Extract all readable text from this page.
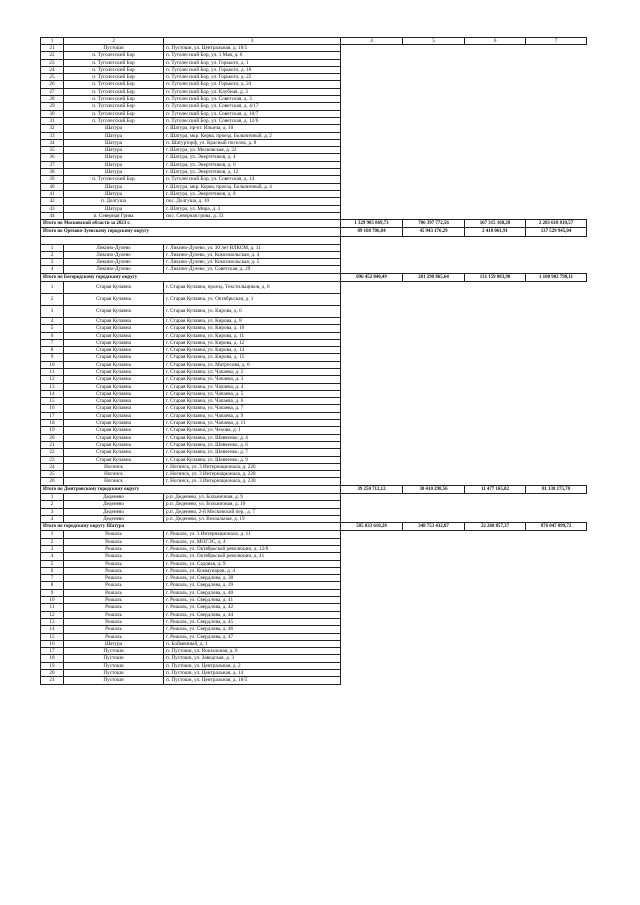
1	2	3	4	5	6	7
21	Пустоши	п. Пустоши, ул. Центральная, д. 18/5				
22	п. Туголесский Бор	п. Туголесский Бор, ул. 1 Мая, д. 6				
23	п. Туголесский Бор	п. Туголесский Бор, ул. Горького, д. 1				
24	п. Туголесский Бор	п. Туголесский Бор, ул. Горького, д. 18				
25	п. Туголесский Бор	п. Туголесский Бор, ул. Горького, д. 22				
26	п. Туголесский Бор	п. Туголесский Бор, ул. Горького, д. 24				
27	п. Туголесский Бор	п. Туголесский Бор, ул. Клубная, д. 3				
28	п. Туголесский Бор	п. Туголесский Бор, ул. Советская, д. 3				
29	п. Туголесский Бор	п. Туголесский Бор, ул. Советская, д. 4/17				
30	п. Туголесский Бор	п. Туголесский Бор, ул. Советская, д. 10/7				
31	п. Туголесский Бор	п. Туголесский Бор, ул. Советская, д. 12/6				
32	Шатура	г. Шатура, пр-кт. Ильича, д. 10				
33	Шатура	г. Шатура, мкр. Керва, проезд. Больничный, д. 2				
34	Шатура	п. Шатурторф, ул. Красный поселок, д. 8				
35	Шатура	г. Шатура, ул. Московская, д. 22				
36	Шатура	г. Шатура, ул. Энергетиков, д. 4				
37	Шатура	г. Шатура, ул. Энергетиков, д. 6				
38	Шатура	г. Шатура, ул. Энергетиков, д. 12				
39	п. Туголесский Бор	п. Туголесский Бор, ул. Советская, д. 14				
40	Шатура	г. Шатура, мкр. Керва, проезд. Больничный, д. 4				
41	Шатура	г. Шатура, ул. Энергетиков, д. 8				
42	п. Долгуша	пос. Долгуша, д. 10				
43	Шатура	г. Шатура, ул. Мира, д. 3				
44	п. Северная Грива	пос. Северная грива, д. 33				
Итого по Московской области за 2023 г.			1 329 905 869,73	706 397 772,56	167 315 168,28	2 203 618 810,57
Итого по Орехово-Зуевскому городскому округу			89 168 706,84	45 943 176,29	2 418 061,91	137 529 945,04

1	Ликино-Дулево	г. Ликино-Дулево, ул. 30 лет ВЛКСМ, д. 11				
2	Ликино-Дулево	г. Ликино-Дулево, ул. Комсомольская, д. 4				
3	Ликино-Дулево	г. Ликино-Дулево, ул. Комсомольская, д. 5				
4	Ликино-Дулево	г. Ликино-Дулево, ул. Советская, д. 29				
Итого по Богородскому городскому округу			696 452 840,49	281 290 865,64	131 159 083,98	1 108 902 790,11
1	Старая Купавна	г. Старая Купавна, проезд. Текстильщиков, д. 8				
2	Старая Купавна	г. Старая Купавна, ул. Октябрьская, д. 1				
3	Старая Купавна	г. Старая Купавна, ул. Кирова, д. 6				
4	Старая Купавна	г. Старая Купавна, ул. Кирова, д. 8				
5	Старая Купавна	г. Старая Купавна, ул. Кирова, д. 10				
6	Старая Купавна	г. Старая Купавна, ул. Кирова, д. 11				
7	Старая Купавна	г. Старая Купавна, ул. Кирова, д. 12				
8	Старая Купавна	г. Старая Купавна, ул. Кирова, д. 14				
9	Старая Купавна	г. Старая Купавна, ул. Кирова, д. 15				
10	Старая Купавна	г. Старая Купавна, ул. Матросова, д. 6				
11	Старая Купавна	г. Старая Купавна, ул. Чапаева, д. 2				
12	Старая Купавна	г. Старая Купавна, ул. Чапаева, д. 3				
13	Старая Купавна	г. Старая Купавна, ул. Чапаева, д. 4				
14	Старая Купавна	г. Старая Купавна, ул. Чапаева, д. 5				
15	Старая Купавна	г. Старая Купавна, ул. Чапаева, д. 6				
16	Старая Купавна	г. Старая Купавна, ул. Чапаева, д. 7				
17	Старая Купавна	г. Старая Купавна, ул. Чапаева, д. 9				
18	Старая Купавна	г. Старая Купавна, ул. Чапаева, д. 11				
19	Старая Купавна	г. Старая Купавна, ул. Чехова, д. 1				
20	Старая Купавна	г. Старая Купавна, ул. Шевченко, д. 4				
21	Старая Купавна	г. Старая Купавна, ул. Шевченко, д. 6				
22	Старая Купавна	г. Старая Купавна, ул. Шевченко, д. 7				
23	Старая Купавна	г. Старая Купавна, ул. Шевченко, д. 9				
24	Ногинск	г. Ногинск, ул. 3 Интернационала, д. 226				
25	Ногинск	г. Ногинск, ул. 3 Интернационала, д. 228				
26	Ногинск	г. Ногинск, ул. 3 Интернационала, д. 230				
Итого по Дмитровскому городскому округу			39 250 712,12	30 410 298,56	11 477 165,02	81 138 175,70
1	Деденево	р.п. Деденево, ул. Больничная, д. 9				
2	Деденево	р.п. Деденево, ул. Больничная, д. 10				
3	Деденево	р.п. Деденево, 2-й Московский пер., д. 7				
4	Деденево	р.п. Деденево, ул. Вокзальная, д. 19				
Итого по городскому округу Шатура			505 033 610,28	348 753 432,07	22 260 857,37	876 047 899,72
1	Рошаль	г. Рошаль, ул. 3 Интернационала, д. 11				
2	Рошаль	г. Рошаль, ул. МОГЭС, д. 4				
3	Рошаль	г. Рошаль, ул. Октябрьской революции, д. 12/8				
4	Рошаль	г. Рошаль, ул. Октябрьской революции, д. 41				
5	Рошаль	г. Рошаль, ул. Садовая, д. 9				
6	Рошаль	г. Рошаль, ул. Коммунаров, д. 4				
7	Рошаль	г. Рошаль, ул. Свердлова, д. 38				
8	Рошаль	г. Рошаль, ул. Свердлова, д. 39				
9	Рошаль	г. Рошаль, ул. Свердлова, д. 40				
10	Рошаль	г. Рошаль, ул. Свердлова, д. 41				
11	Рошаль	г. Рошаль, ул. Свердлова, д. 42				
12	Рошаль	г. Рошаль, ул. Свердлова, д. 44				
13	Рошаль	г. Рошаль, ул. Свердлова, д. 45				
14	Рошаль	г. Рошаль, ул. Свердлова, д. 46				
15	Рошаль	г. Рошаль, ул. Свердлова, д. 47				
16	Шатура	п. Бойменный, д. 1				
17	Пустоши	п. Пустоши, ул. Вокзальная, д. 6				
18	Пустоши	п. Пустоши, ул. Заводская, д. 3				
19	Пустоши	п. Пустоши, ул. Центральная, д. 2				
20	Пустоши	п. Пустоши, ул. Центральная, д. 14				
21	Пустоши	п. Пустоши, ул. Центральная, д. 18/5				
